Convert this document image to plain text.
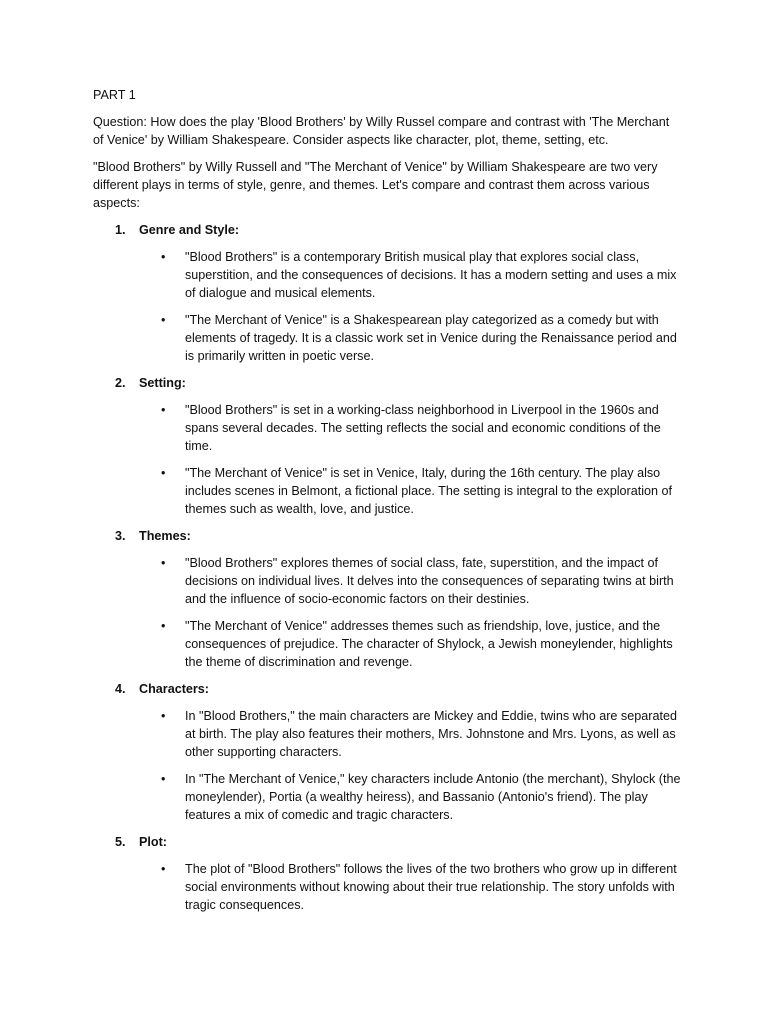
PART 1

Question: How does the play 'Blood Brothers' by Willy Russel compare and contrast with 'The Merchant of Venice' by William Shakespeare. Consider aspects like character, plot, theme, setting, etc.

"Blood Brothers" by Willy Russell and "The Merchant of Venice" by William Shakespeare are two very different plays in terms of style, genre, and themes. Let's compare and contrast them across various aspects:

1. Genre and Style:
• "Blood Brothers" is a contemporary British musical play that explores social class, superstition, and the consequences of decisions. It has a modern setting and uses a mix of dialogue and musical elements.
• "The Merchant of Venice" is a Shakespearean play categorized as a comedy but with elements of tragedy. It is a classic work set in Venice during the Renaissance period and is primarily written in poetic verse.
2. Setting:
• "Blood Brothers" is set in a working-class neighborhood in Liverpool in the 1960s and spans several decades. The setting reflects the social and economic conditions of the time.
• "The Merchant of Venice" is set in Venice, Italy, during the 16th century. The play also includes scenes in Belmont, a fictional place. The setting is integral to the exploration of themes such as wealth, love, and justice.
3. Themes:
• "Blood Brothers" explores themes of social class, fate, superstition, and the impact of decisions on individual lives. It delves into the consequences of separating twins at birth and the influence of socio-economic factors on their destinies.
• "The Merchant of Venice" addresses themes such as friendship, love, justice, and the consequences of prejudice. The character of Shylock, a Jewish moneylender, highlights the theme of discrimination and revenge.
4. Characters:
• In "Blood Brothers," the main characters are Mickey and Eddie, twins who are separated at birth. The play also features their mothers, Mrs. Johnstone and Mrs. Lyons, as well as other supporting characters.
• In "The Merchant of Venice," key characters include Antonio (the merchant), Shylock (the moneylender), Portia (a wealthy heiress), and Bassanio (Antonio's friend). The play features a mix of comedic and tragic characters.
5. Plot:
• The plot of "Blood Brothers" follows the lives of the two brothers who grow up in different social environments without knowing about their true relationship. The story unfolds with tragic consequences.
